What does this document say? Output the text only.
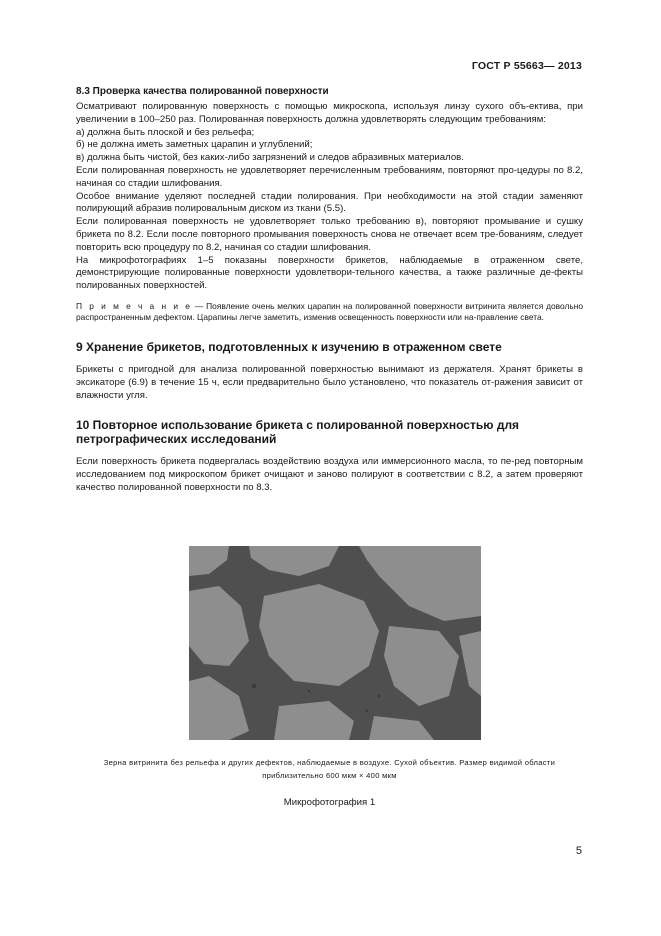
ГОСТ Р 55663— 2013
8.3 Проверка качества полированной поверхности

Осматривают полированную поверхность с помощью микроскопа, используя линзу сухого объ-ектива, при увеличении в 100–250 раз. Полированная поверхность должна удовлетворять следующим требованиям:

а) должна быть плоской и без рельефа;

б) не должна иметь заметных царапин и углублений;

в) должна быть чистой, без каких-либо загрязнений и следов абразивных материалов.

Если полированная поверхность не удовлетворяет перечисленным требованиям, повторяют про-цедуры по 8.2, начиная со стадии шлифования.

Особое внимание уделяют последней стадии полирования. При необходимости на этой стадии заменяют полирующий абразив полировальным диском из ткани (5.5).

Если полированная поверхность не удовлетворяет только требованию в), повторяют промывание и сушку брикета по 8.2. Если после повторного промывания поверхность снова не отвечает всем тре-бованиям, следует повторить всю процедуру по 8.2, начиная со стадии шлифования.

На микрофотографиях 1–5 показаны поверхности брикетов, наблюдаемые в отраженном свете, демонстрирующие полированные поверхности удовлетвори-тельного качества, а также различные де-фекты полированных поверхностей.

П р и м е ч а н и е — Появление очень мелких царапин на полированной поверхности витринита является довольно распространенным дефектом. Царапины легче заметить, изменив освещенность поверхности или на-правление света.
9 Хранение брикетов, подготовленных к изучению в отраженном свете

Брикеты с пригодной для анализа полированной поверхностью вынимают из держателя. Хранят брикеты в эксикаторе (6.9) в течение 15 ч, если предварительно было установлено, что показатель от-ражения зависит от влажности угля.

10 Повторное использование брикета с полированной поверхностью для петрографических исследований

Если поверхность брикета подвергалась воздействию воздуха или иммерсионного масла, то пе-ред повторным исследованием под микроскопом брикет очищают и заново полируют в соответствии с 8.2, а затем проверяют качество полированной поверхности по 8.3.

Зерна витринита без рельефа и других дефектов, наблюдаемые в воздухе. Сухой объектив. Размер видимой области
приблизительно 600 мкм × 400 мкм
Микрофотография 1
5
